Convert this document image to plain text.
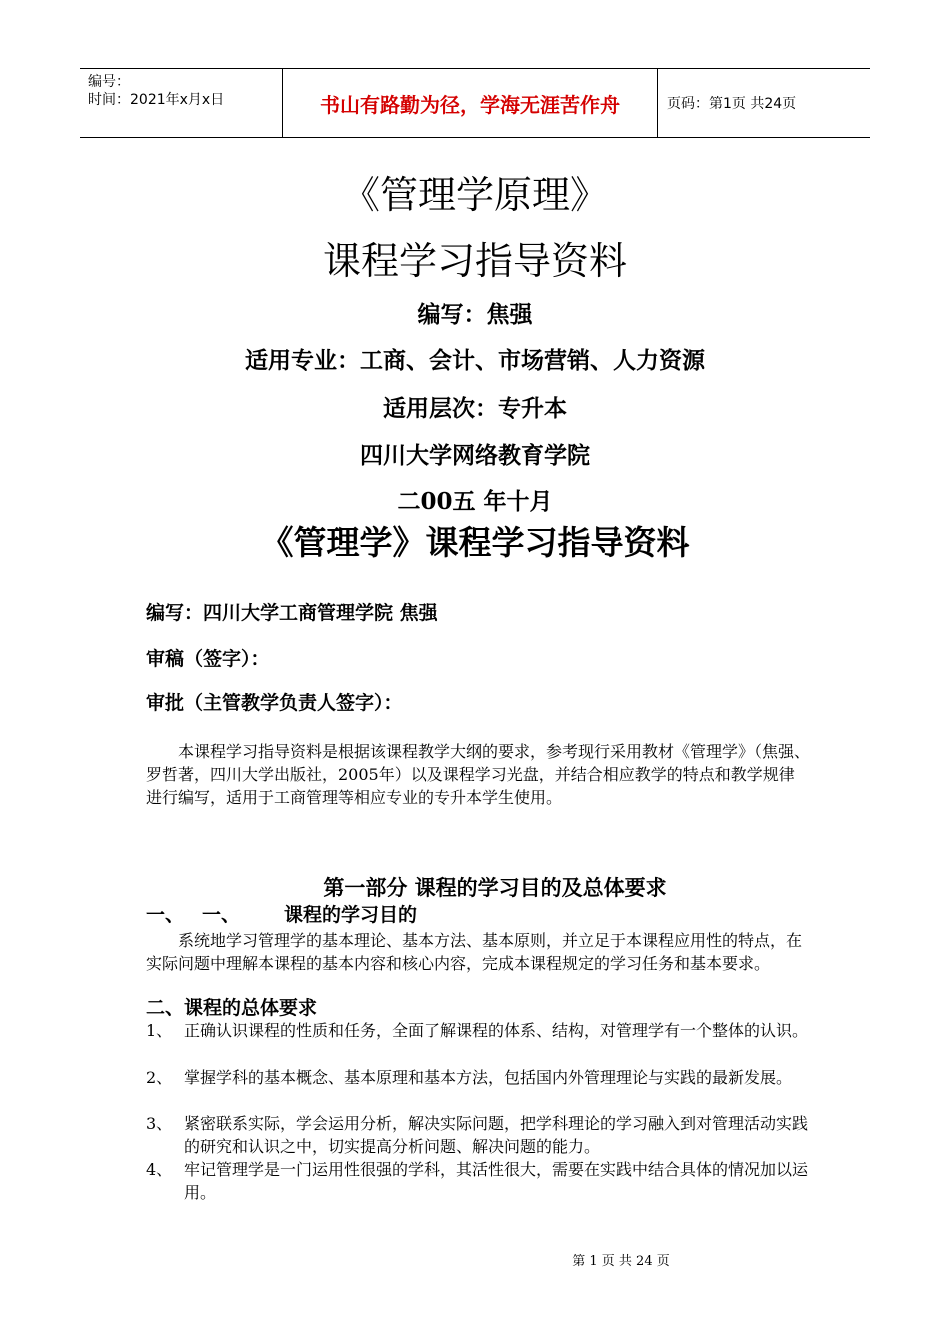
编号：
时间：2021年x月x日	书山有路勤为径，学海无涯苦作舟	页码：第1页 共24页
《管理学原理》
课程学习指导资料
编写：焦强
适用专业：工商、会计、市场营销、人力资源
适用层次：专升本
四川大学网络教育学院
二00五 年十月
《管理学》课程学习指导资料
编写：四川大学工商管理学院 焦强
审稿（签字）：
审批（主管教学负责人签字）：
本课程学习指导资料是根据该课程教学大纲的要求，参考现行采用教材《管理学》（焦强、罗哲著，四川大学出版社，2005年）以及课程学习光盘，并结合相应教学的特点和教学规律进行编写，适用于工商管理等相应专业的专升本学生使用。
第一部分 课程的学习目的及总体要求
一、 一、 课程的学习目的
系统地学习管理学的基本理论、基本方法、基本原则，并立足于本课程应用性的特点，在实际问题中理解本课程的基本内容和核心内容，完成本课程规定的学习任务和基本要求。
二、课程的总体要求
1、 正确认识课程的性质和任务，全面了解课程的体系、结构，对管理学有一个整体的认识。
2、 掌握学科的基本概念、基本原理和基本方法，包括国内外管理理论与实践的最新发展。
3、 紧密联系实际，学会运用分析，解决实际问题，把学科理论的学习融入到对管理活动实践的研究和认识之中，切实提高分析问题、解决问题的能力。
4、 牢记管理学是一门运用性很强的学科，其活性很大，需要在实践中结合具体的情况加以运用。
第 1 页 共 24 页
